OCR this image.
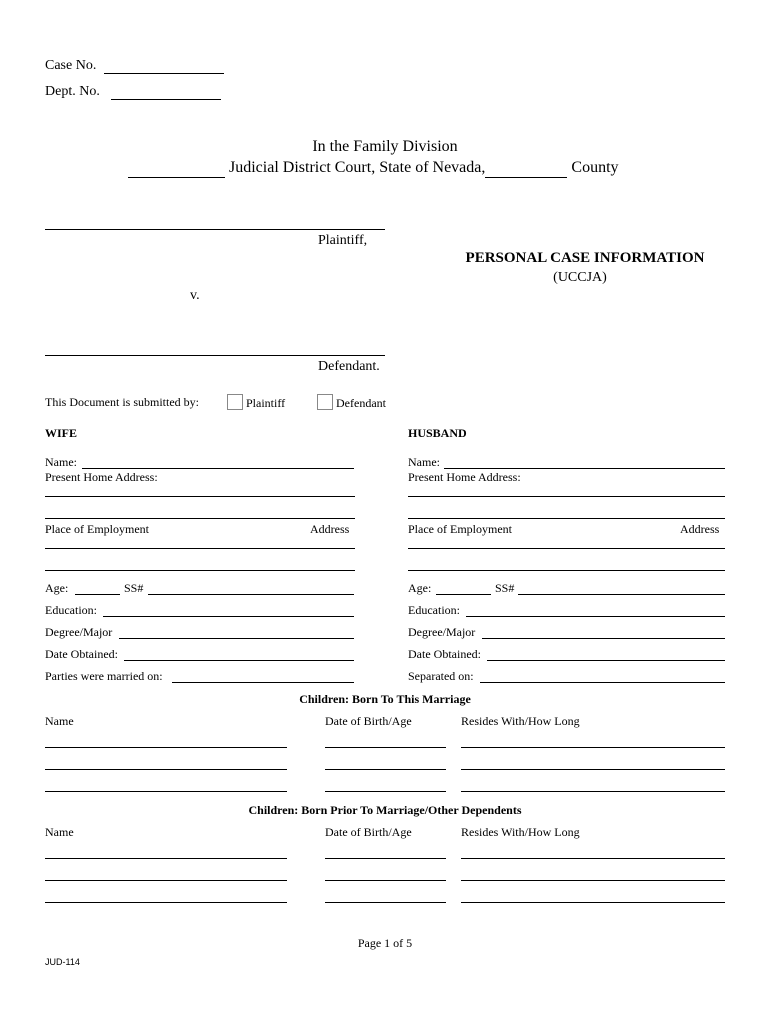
Case No.
Dept. No.
In the Family Division
Judicial District Court, State of Nevada,	County
Plaintiff,
v.
Defendant.
PERSONAL CASE INFORMATION
(UCCJA)
This Document is submitted by:	Plaintiff	Defendant
WIFE
Name:
Present Home Address:
Place of Employment	Address
Age:	SS#
Education:
Degree/Major
Date Obtained:
Parties were married on:
HUSBAND
Name:
Present Home Address:
Place of Employment	Address
Age:	SS#
Education:
Degree/Major
Date Obtained:
Separated on:
Children: Born To This Marriage
Name	Date of Birth/Age	Resides With/How Long
Children: Born Prior To Marriage/Other Dependents
Name	Date of Birth/Age	Resides With/How Long
Page 1 of 5
JUD-114
